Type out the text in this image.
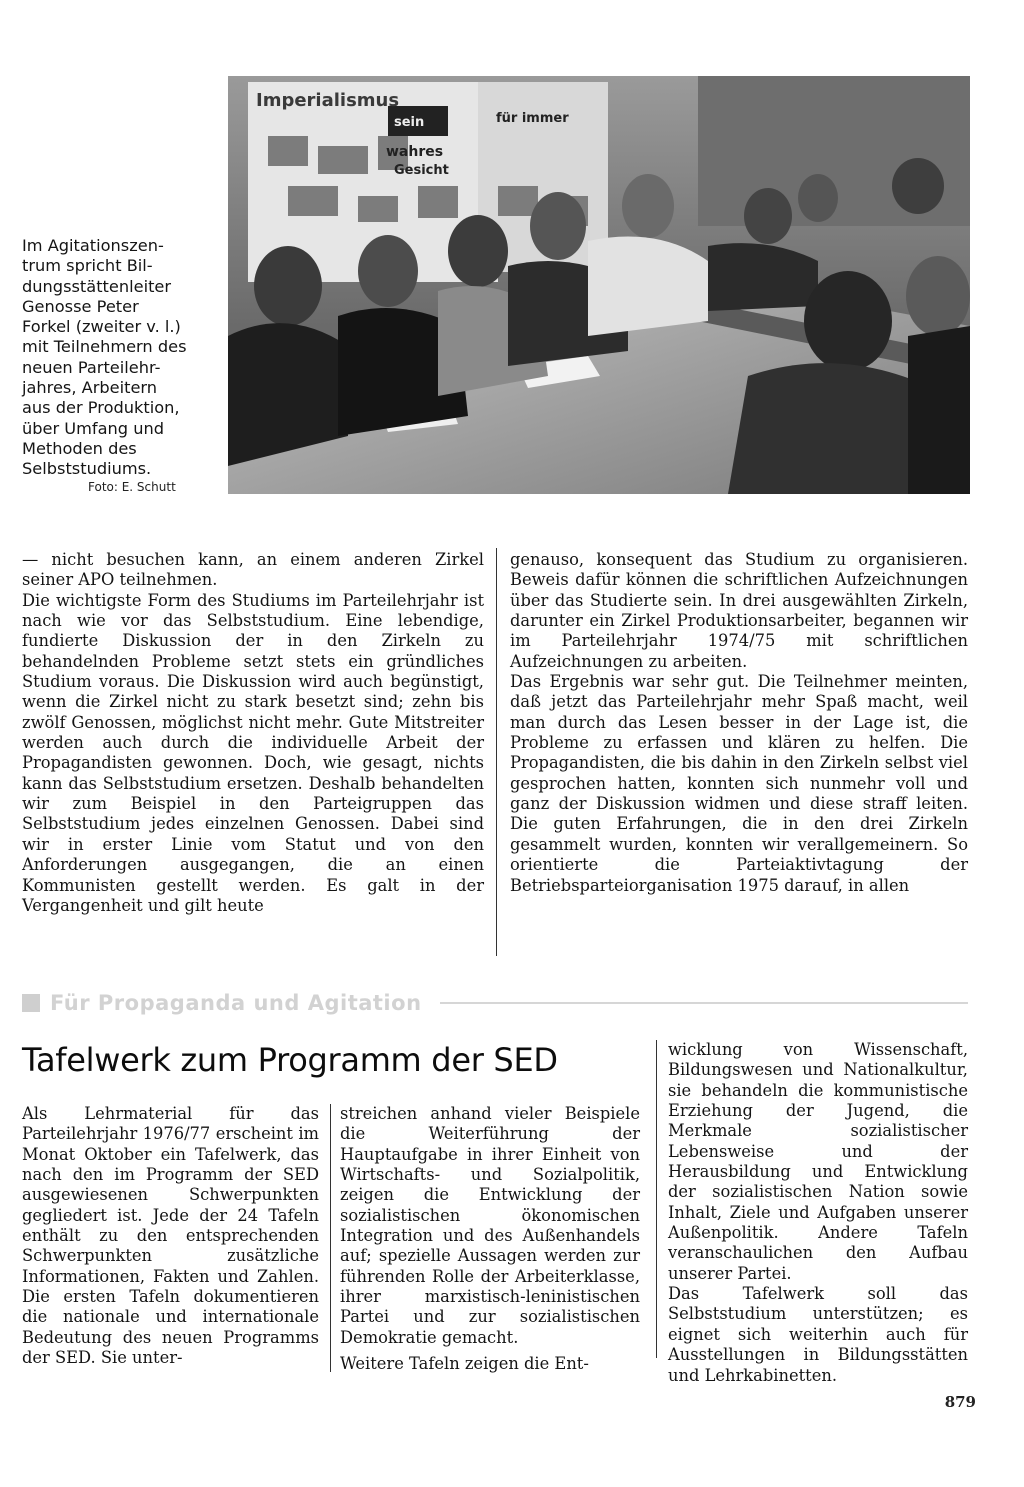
Im Agitationszen-
trum spricht Bil-
dungsstättenleiter
Genosse Peter
Forkel (zweiter v. l.)
mit Teilnehmern des
neuen Parteilehr-
jahres, Arbeitern
aus der Produktion,
über Umfang und
Methoden des
Selbststudiums.
Foto: E. Schutt
Imperialismus
sein
wahres
Gesicht
für immer

— nicht besuchen kann, an einem anderen Zirkel seiner APO teilnehmen.

Die wichtigste Form des Studiums im Parteilehrjahr ist nach wie vor das Selbststudium. Eine lebendige, fundierte Diskussion der in den Zirkeln zu behandelnden Probleme setzt stets ein gründliches Studium voraus. Die Diskussion wird auch begünstigt, wenn die Zirkel nicht zu stark besetzt sind; zehn bis zwölf Genossen, möglichst nicht mehr. Gute Mitstreiter werden auch durch die individuelle Arbeit der Propagandisten gewonnen. Doch, wie gesagt, nichts kann das Selbststudium ersetzen. Deshalb behandelten wir zum Beispiel in den Parteigruppen das Selbststudium jedes einzelnen Genossen. Dabei sind wir in erster Linie vom Statut und von den Anforderungen ausgegangen, die an einen Kommunisten gestellt werden. Es galt in der Vergangenheit und gilt heute

genauso, konsequent das Studium zu organisieren. Beweis dafür können die schriftlichen Aufzeichnungen über das Studierte sein. In drei ausgewählten Zirkeln, darunter ein Zirkel Produktionsarbeiter, begannen wir im Parteilehrjahr 1974/75 mit schriftlichen Aufzeichnungen zu arbeiten.

Das Ergebnis war sehr gut. Die Teilnehmer meinten, daß jetzt das Parteilehrjahr mehr Spaß macht, weil man durch das Lesen besser in der Lage ist, die Probleme zu erfassen und klären zu helfen. Die Propagandisten, die bis dahin in den Zirkeln selbst viel gesprochen hatten, konnten sich nunmehr voll und ganz der Diskussion widmen und diese straff leiten. Die guten Erfahrungen, die in den drei Zirkeln gesammelt wurden, konnten wir verallgemeinern. So orientierte die Parteiaktivtagung der Betriebsparteiorganisation 1975 darauf, in allen

Für Propaganda und Agitation
Tafelwerk zum Programm der SED

Als Lehrmaterial für das Parteilehrjahr 1976/77 erscheint im Monat Oktober ein Tafelwerk, das nach den im Programm der SED ausgewiesenen Schwerpunkten gegliedert ist. Jede der 24 Tafeln enthält zu den entsprechenden Schwerpunkten zusätzliche Informationen, Fakten und Zahlen. Die ersten Tafeln dokumentieren die nationale und internationale Bedeutung des neuen Programms der SED. Sie unter-

streichen anhand vieler Beispiele die Weiterführung der Hauptaufgabe in ihrer Einheit von Wirtschafts- und Sozialpolitik, zeigen die Entwicklung der sozialistischen ökonomischen Integration und des Außenhandels auf; spezielle Aussagen werden zur führenden Rolle der Arbeiterklasse, ihrer marxistisch-leninistischen Partei und zur sozialistischen Demokratie gemacht.

Weitere Tafeln zeigen die Ent-

wicklung von Wissenschaft, Bildungswesen und Nationalkultur, sie behandeln die kommunistische Erziehung der Jugend, die Merkmale sozialistischer Lebensweise und der Herausbildung und Entwicklung der sozialistischen Nation sowie Inhalt, Ziele und Aufgaben unserer Außenpolitik. Andere Tafeln veranschaulichen den Aufbau unserer Partei.

Das Tafelwerk soll das Selbststudium unterstützen; es eignet sich weiterhin auch für Ausstellungen in Bildungsstätten und Lehrkabinetten.

879
